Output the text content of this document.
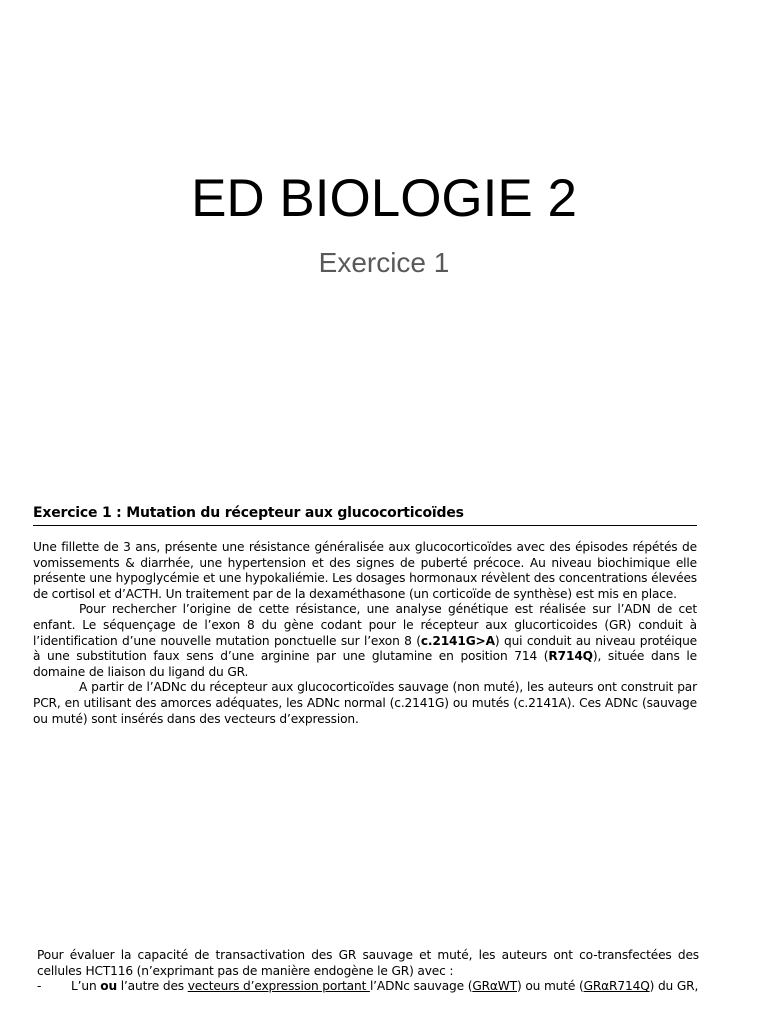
ED BIOLOGIE 2
Exercice 1
Exercice 1 : Mutation du récepteur aux glucocorticoïdes

Une fillette de 3 ans, présente une résistance généralisée aux glucocorticoïdes avec des épisodes répétés de vomissements & diarrhée, une hypertension et des signes de puberté précoce. Au niveau biochimique elle présente une hypoglycémie et une hypokaliémie. Les dosages hormonaux révèlent des concentrations élevées de cortisol et d’ACTH. Un traitement par de la dexaméthasone (un corticoïde de synthèse) est mis en place.

Pour rechercher l’origine de cette résistance, une analyse génétique est réalisée sur l’ADN de cet enfant. Le séquençage de l’exon 8 du gène codant pour le récepteur aux glucorticoides (GR) conduit à l’identification d’une nouvelle mutation ponctuelle sur l’exon 8 (c.2141G>A) qui conduit au niveau protéique à une substitution faux sens d’une arginine par une glutamine en position 714 (R714Q), située dans le domaine de liaison du ligand du GR.

A partir de l’ADNc du récepteur aux glucocorticoïdes sauvage (non muté), les auteurs ont construit par PCR, en utilisant des amorces adéquates, les ADNc normal (c.2141G) ou mutés (c.2141A). Ces ADNc (sauvage ou muté) sont insérés dans des vecteurs d’expression.

Pour évaluer la capacité de transactivation des GR sauvage et muté, les auteurs ont co-transfectées des cellules HCT116 (n’exprimant pas de manière endogène le GR) avec :

-	L’un ou l’autre des vecteurs d’expression portant l’ADNc sauvage (GRαWT) ou muté (GRαR714Q) du GR,
